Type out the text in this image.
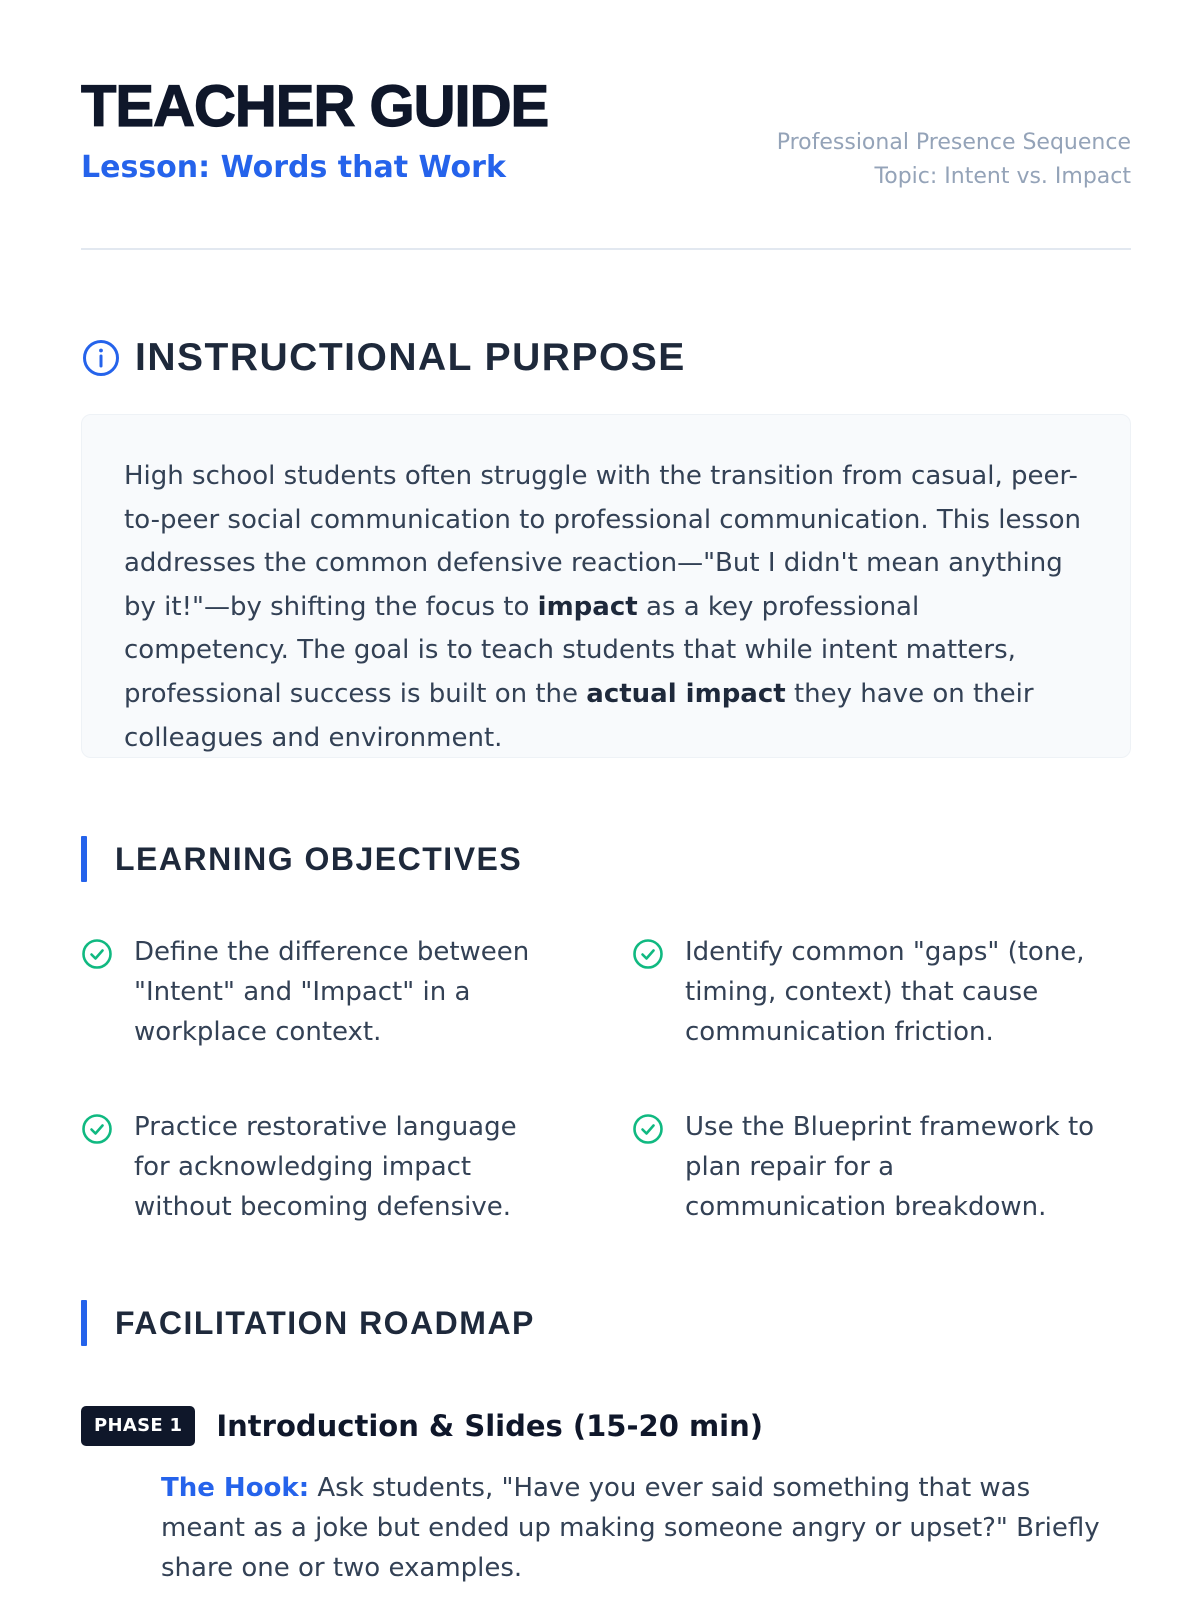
TEACHER GUIDE
Lesson: Words that Work
Professional Presence Sequence
Topic: Intent vs. Impact
INSTRUCTIONAL PURPOSE
High school students often struggle with the transition from casual, peer-to-peer social communication to professional communication. This lesson addresses the common defensive reaction—"But I didn't mean anything by it!"—by shifting the focus to impact as a key professional competency. The goal is to teach students that while intent matters, professional success is built on the actual impact they have on their colleagues and environment.
LEARNING OBJECTIVES
Define the difference between "Intent" and "Impact" in a workplace context.
Identify common "gaps" (tone, timing, context) that cause communication friction.
Practice restorative language for acknowledging impact without becoming defensive.
Use the Blueprint framework to plan repair for a communication breakdown.
FACILITATION ROADMAP
PHASE 1	Introduction & Slides (15-20 min)
The Hook: Ask students, "Have you ever said something that was meant as a joke but ended up making someone angry or upset?" Briefly share one or two examples.
